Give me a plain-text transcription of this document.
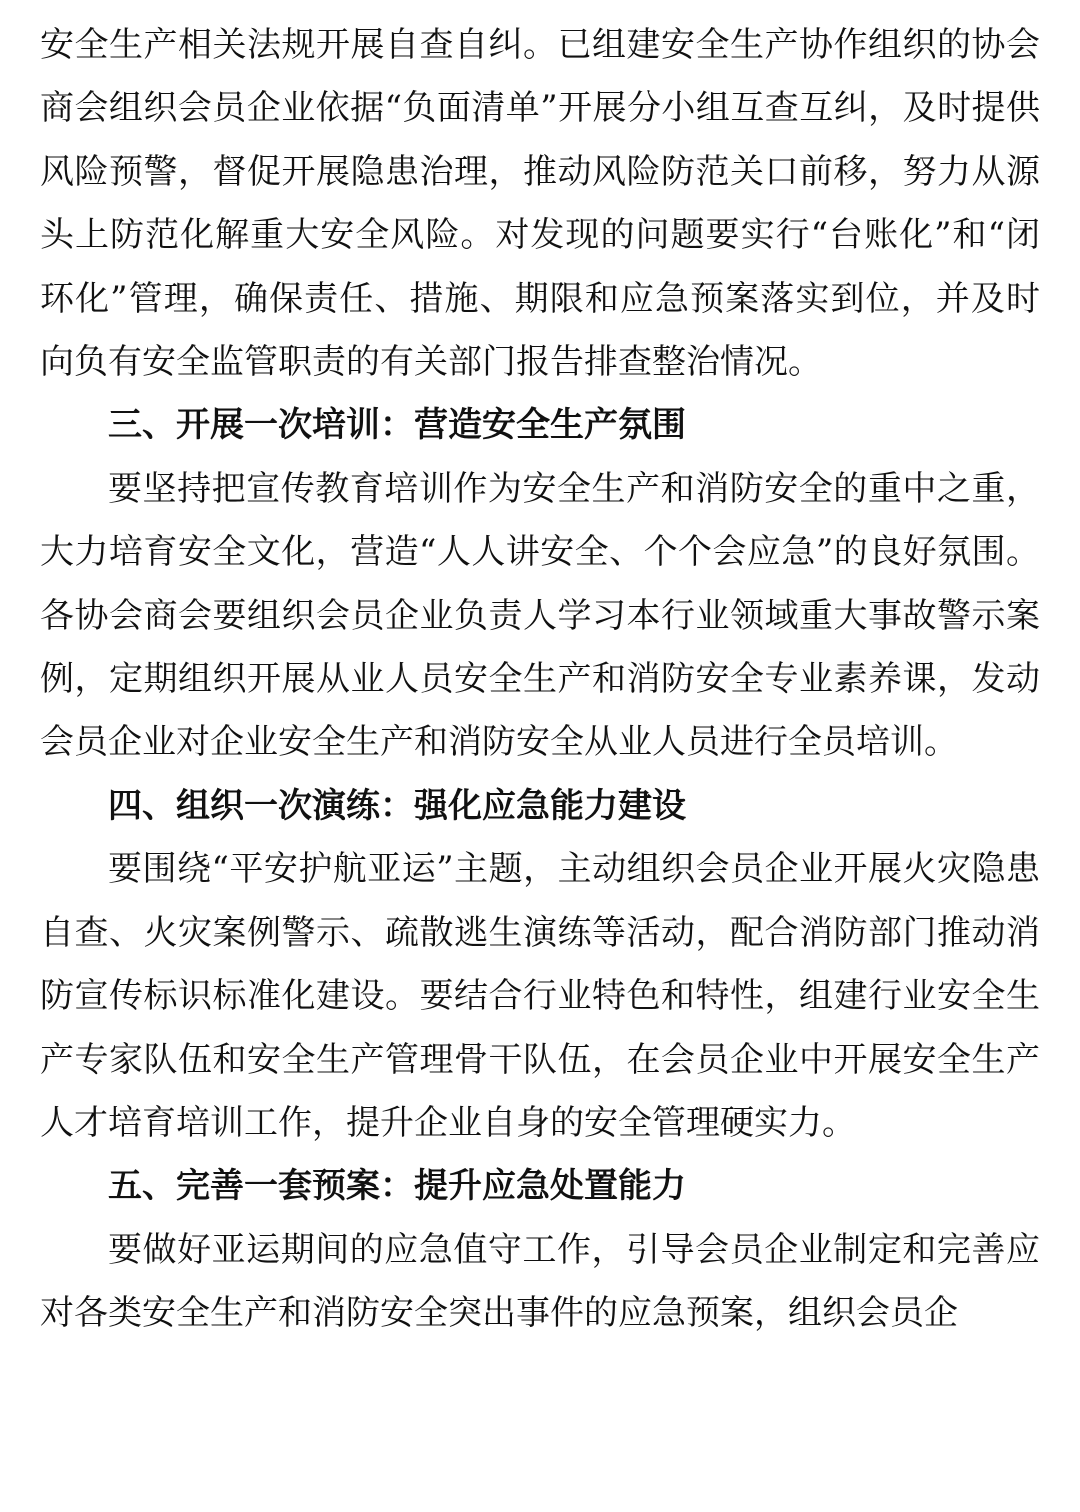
安全生产相关法规开展自查自纠。已组建安全生产协作组织的协会商会组织会员企业依据“负面清单”开展分小组互查互纠，及时提供风险预警，督促开展隐患治理，推动风险防范关口前移，努力从源头上防范化解重大安全风险。对发现的问题要实行“台账化”和“闭环化”管理，确保责任、措施、期限和应急预案落实到位，并及时向负有安全监管职责的有关部门报告排查整治情况。

三、开展一次培训：营造安全生产氛围

要坚持把宣传教育培训作为安全生产和消防安全的重中之重，大力培育安全文化，营造“人人讲安全、个个会应急”的良好氛围。各协会商会要组织会员企业负责人学习本行业领域重大事故警示案例，定期组织开展从业人员安全生产和消防安全专业素养课，发动会员企业对企业安全生产和消防安全从业人员进行全员培训。

四、组织一次演练：强化应急能力建设

要围绕“平安护航亚运”主题，主动组织会员企业开展火灾隐患自查、火灾案例警示、疏散逃生演练等活动，配合消防部门推动消防宣传标识标准化建设。要结合行业特色和特性，组建行业安全生产专家队伍和安全生产管理骨干队伍，在会员企业中开展安全生产人才培育培训工作，提升企业自身的安全管理硬实力。

五、完善一套预案：提升应急处置能力

要做好亚运期间的应急值守工作，引导会员企业制定和完善应对各类安全生产和消防安全突出事件的应急预案，组织会员企
